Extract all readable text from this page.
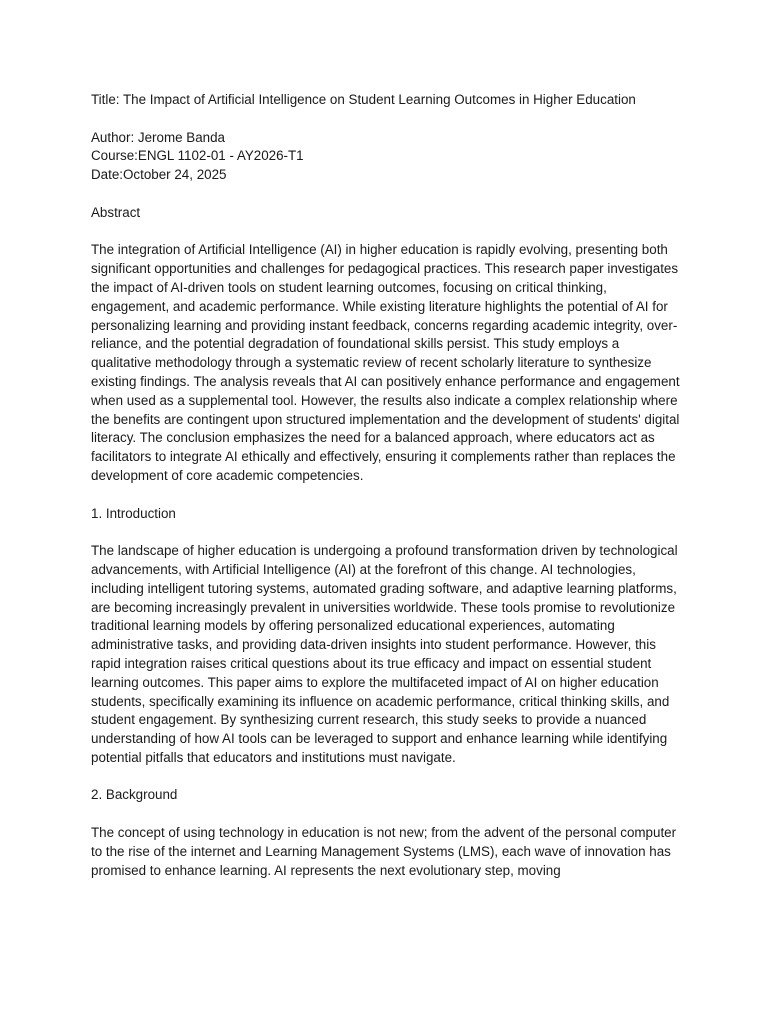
Title: The Impact of Artificial Intelligence on Student Learning Outcomes in Higher Education

Author: Jerome Banda

Course:ENGL 1102-01 - AY2026-T1

Date:October 24, 2025

Abstract

The integration of Artificial Intelligence (AI) in higher education is rapidly evolving, presenting both significant opportunities and challenges for pedagogical practices. This research paper investigates the impact of AI-driven tools on student learning outcomes, focusing on critical thinking, engagement, and academic performance. While existing literature highlights the potential of AI for personalizing learning and providing instant feedback, concerns regarding academic integrity, over-reliance, and the potential degradation of foundational skills persist. This study employs a qualitative methodology through a systematic review of recent scholarly literature to synthesize existing findings. The analysis reveals that AI can positively enhance performance and engagement when used as a supplemental tool. However, the results also indicate a complex relationship where the benefits are contingent upon structured implementation and the development of students' digital literacy. The conclusion emphasizes the need for a balanced approach, where educators act as facilitators to integrate AI ethically and effectively, ensuring it complements rather than replaces the development of core academic competencies.

1. Introduction

The landscape of higher education is undergoing a profound transformation driven by technological advancements, with Artificial Intelligence (AI) at the forefront of this change. AI technologies, including intelligent tutoring systems, automated grading software, and adaptive learning platforms, are becoming increasingly prevalent in universities worldwide. These tools promise to revolutionize traditional learning models by offering personalized educational experiences, automating administrative tasks, and providing data-driven insights into student performance. However, this rapid integration raises critical questions about its true efficacy and impact on essential student learning outcomes. This paper aims to explore the multifaceted impact of AI on higher education students, specifically examining its influence on academic performance, critical thinking skills, and student engagement. By synthesizing current research, this study seeks to provide a nuanced understanding of how AI tools can be leveraged to support and enhance learning while identifying potential pitfalls that educators and institutions must navigate.

2. Background

The concept of using technology in education is not new; from the advent of the personal computer to the rise of the internet and Learning Management Systems (LMS), each wave of innovation has promised to enhance learning. AI represents the next evolutionary step, moving
